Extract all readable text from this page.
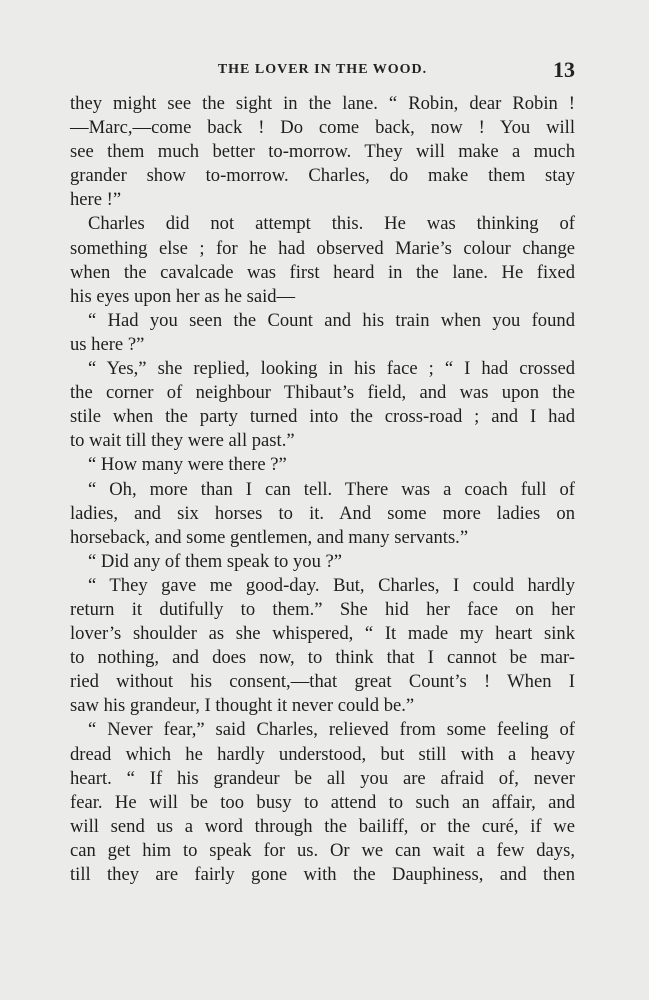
THE LOVER IN THE WOOD.	13
they might see the sight in the lane. “ Robin, dear Robin !
—Marc,—come back ! Do come back, now ! You will
see them much better to-morrow. They will make a much
grander show to-morrow. Charles, do make them stay
here !”
Charles did not attempt this. He was thinking of
something else ; for he had observed Marie’s colour change
when the cavalcade was first heard in the lane. He fixed
his eyes upon her as he said—
“ Had you seen the Count and his train when you found
us here ?”
“ Yes,” she replied, looking in his face ; “ I had crossed
the corner of neighbour Thibaut’s field, and was upon the
stile when the party turned into the cross-road ; and I had
to wait till they were all past.”
“ How many were there ?”
“ Oh, more than I can tell. There was a coach full of
ladies, and six horses to it. And some more ladies on
horseback, and some gentlemen, and many servants.”
“ Did any of them speak to you ?”
“ They gave me good-day. But, Charles, I could hardly
return it dutifully to them.” She hid her face on her
lover’s shoulder as she whispered, “ It made my heart sink
to nothing, and does now, to think that I cannot be mar-
ried without his consent,—that great Count’s ! When I
saw his grandeur, I thought it never could be.”
“ Never fear,” said Charles, relieved from some feeling of
dread which he hardly understood, but still with a heavy
heart. “ If his grandeur be all you are afraid of, never
fear. He will be too busy to attend to such an affair, and
will send us a word through the bailiff, or the curé, if we
can get him to speak for us. Or we can wait a few days,
till they are fairly gone with the Dauphiness, and then
